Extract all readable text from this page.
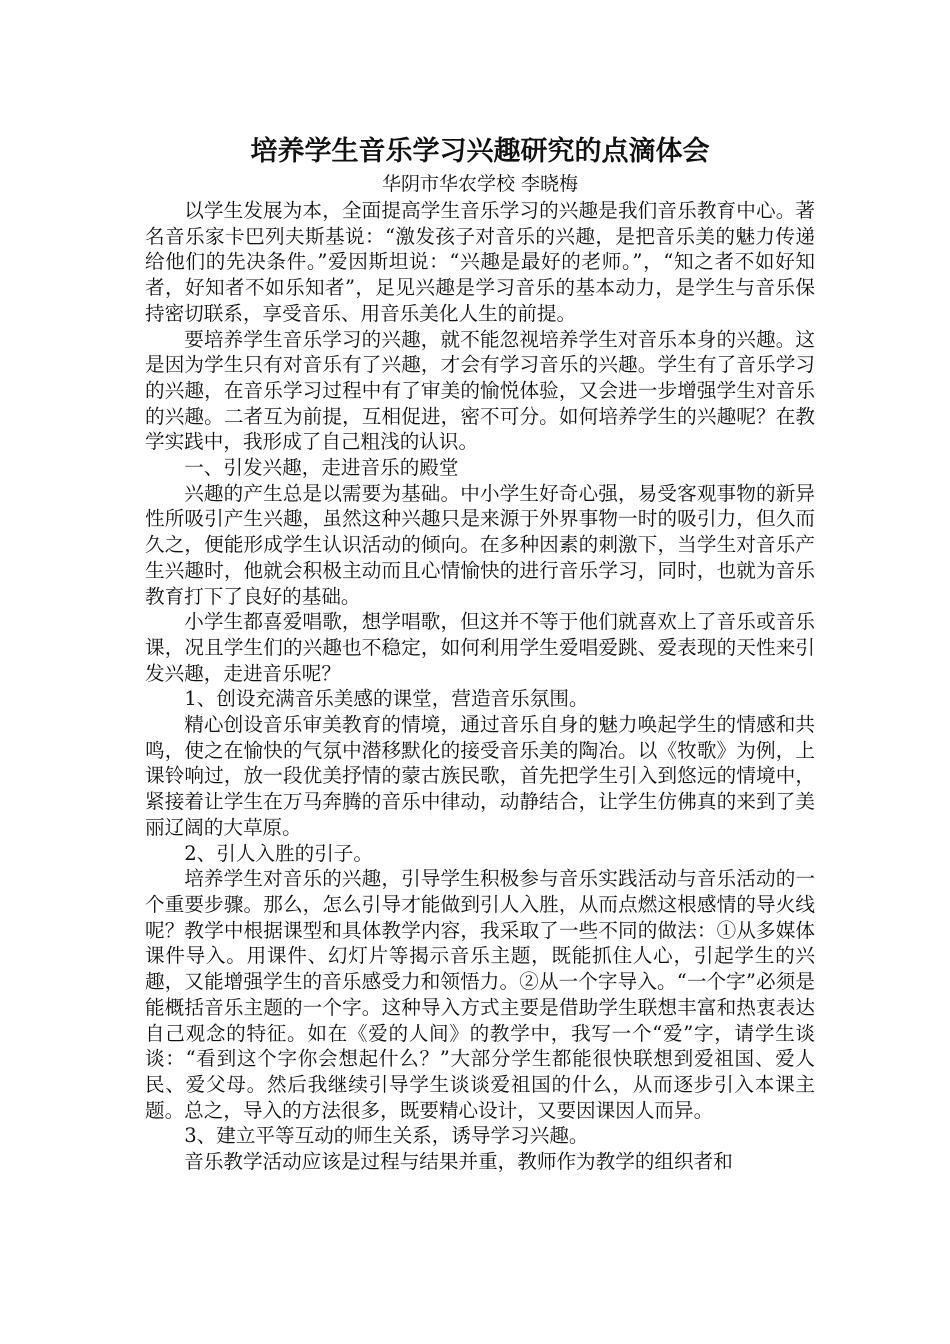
培养学生音乐学习兴趣研究的点滴体会

华阴市华农学校 李晓梅

以学生发展为本，全面提高学生音乐学习的兴趣是我们音乐教育中心。著名音乐家卡巴列夫斯基说：“激发孩子对音乐的兴趣，是把音乐美的魅力传递给他们的先决条件。”爱因斯坦说：“兴趣是最好的老师。”，“知之者不如好知者，好知者不如乐知者”，足见兴趣是学习音乐的基本动力，是学生与音乐保持密切联系，享受音乐、用音乐美化人生的前提。

要培养学生音乐学习的兴趣，就不能忽视培养学生对音乐本身的兴趣。这是因为学生只有对音乐有了兴趣，才会有学习音乐的兴趣。学生有了音乐学习的兴趣，在音乐学习过程中有了审美的愉悦体验，又会进一步增强学生对音乐的兴趣。二者互为前提，互相促进，密不可分。如何培养学生的兴趣呢？在教学实践中，我形成了自己粗浅的认识。

一、引发兴趣，走进音乐的殿堂

兴趣的产生总是以需要为基础。中小学生好奇心强，易受客观事物的新异性所吸引产生兴趣，虽然这种兴趣只是来源于外界事物一时的吸引力，但久而久之，便能形成学生认识活动的倾向。在多种因素的刺激下，当学生对音乐产生兴趣时，他就会积极主动而且心情愉快的进行音乐学习，同时，也就为音乐教育打下了良好的基础。

小学生都喜爱唱歌，想学唱歌，但这并不等于他们就喜欢上了音乐或音乐课，况且学生们的兴趣也不稳定，如何利用学生爱唱爱跳、爱表现的天性来引发兴趣，走进音乐呢？

1、创设充满音乐美感的课堂，营造音乐氛围。

精心创设音乐审美教育的情境，通过音乐自身的魅力唤起学生的情感和共鸣，使之在愉快的气氛中潜移默化的接受音乐美的陶冶。以《牧歌》为例，上课铃响过，放一段优美抒情的蒙古族民歌，首先把学生引入到悠远的情境中，紧接着让学生在万马奔腾的音乐中律动，动静结合，让学生仿佛真的来到了美丽辽阔的大草原。

2、引人入胜的引子。

培养学生对音乐的兴趣，引导学生积极参与音乐实践活动与音乐活动的一个重要步骤。那么，怎么引导才能做到引人入胜，从而点燃这根感情的导火线呢？教学中根据课型和具体教学内容，我采取了一些不同的做法：①从多媒体课件导入。用课件、幻灯片等揭示音乐主题，既能抓住人心，引起学生的兴趣，又能增强学生的音乐感受力和领悟力。②从一个字导入。“一个字”必须是能概括音乐主题的一个字。这种导入方式主要是借助学生联想丰富和热衷表达自己观念的特征。如在《爱的人间》的教学中，我写一个“爱”字，请学生谈谈：“看到这个字你会想起什么？”大部分学生都能很快联想到爱祖国、爱人民、爱父母。然后我继续引导学生谈谈爱祖国的什么，从而逐步引入本课主题。总之，导入的方法很多，既要精心设计，又要因课因人而异。

3、建立平等互动的师生关系，诱导学习兴趣。

音乐教学活动应该是过程与结果并重，教师作为教学的组织者和
